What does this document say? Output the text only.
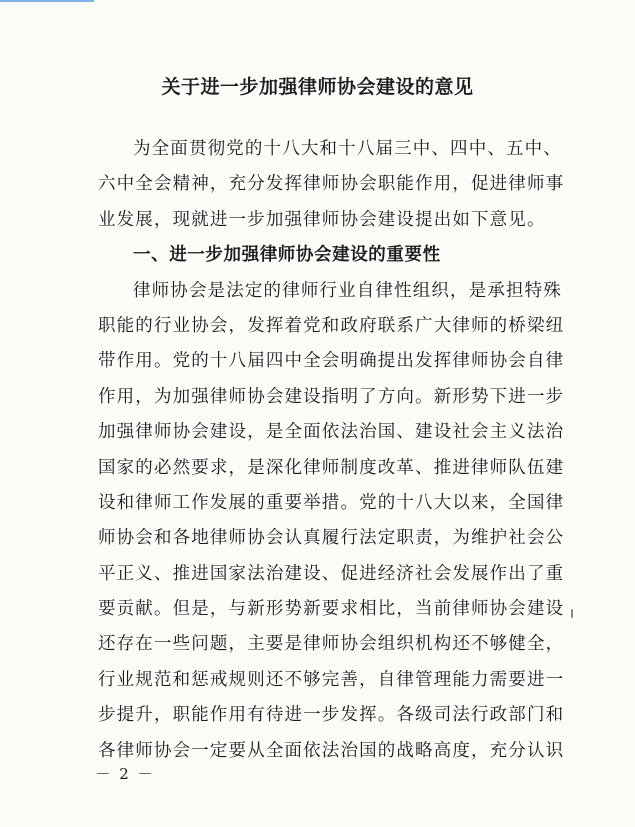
关于进一步加强律师协会建设的意见
为全面贯彻党的十八大和十八届三中、四中、五中、
六中全会精神，充分发挥律师协会职能作用，促进律师事
业发展，现就进一步加强律师协会建设提出如下意见。
一、进一步加强律师协会建设的重要性
律师协会是法定的律师行业自律性组织，是承担特殊
职能的行业协会，发挥着党和政府联系广大律师的桥梁纽
带作用。党的十八届四中全会明确提出发挥律师协会自律
作用，为加强律师协会建设指明了方向。新形势下进一步
加强律师协会建设，是全面依法治国、建设社会主义法治
国家的必然要求，是深化律师制度改革、推进律师队伍建
设和律师工作发展的重要举措。党的十八大以来，全国律
师协会和各地律师协会认真履行法定职责，为维护社会公
平正义、推进国家法治建设、促进经济社会发展作出了重
要贡献。但是，与新形势新要求相比，当前律师协会建设
还存在一些问题，主要是律师协会组织机构还不够健全，
行业规范和惩戒规则还不够完善，自律管理能力需要进一
步提升，职能作用有待进一步发挥。各级司法行政部门和
各律师协会一定要从全面依法治国的战略高度，充分认识
－ 2 －
